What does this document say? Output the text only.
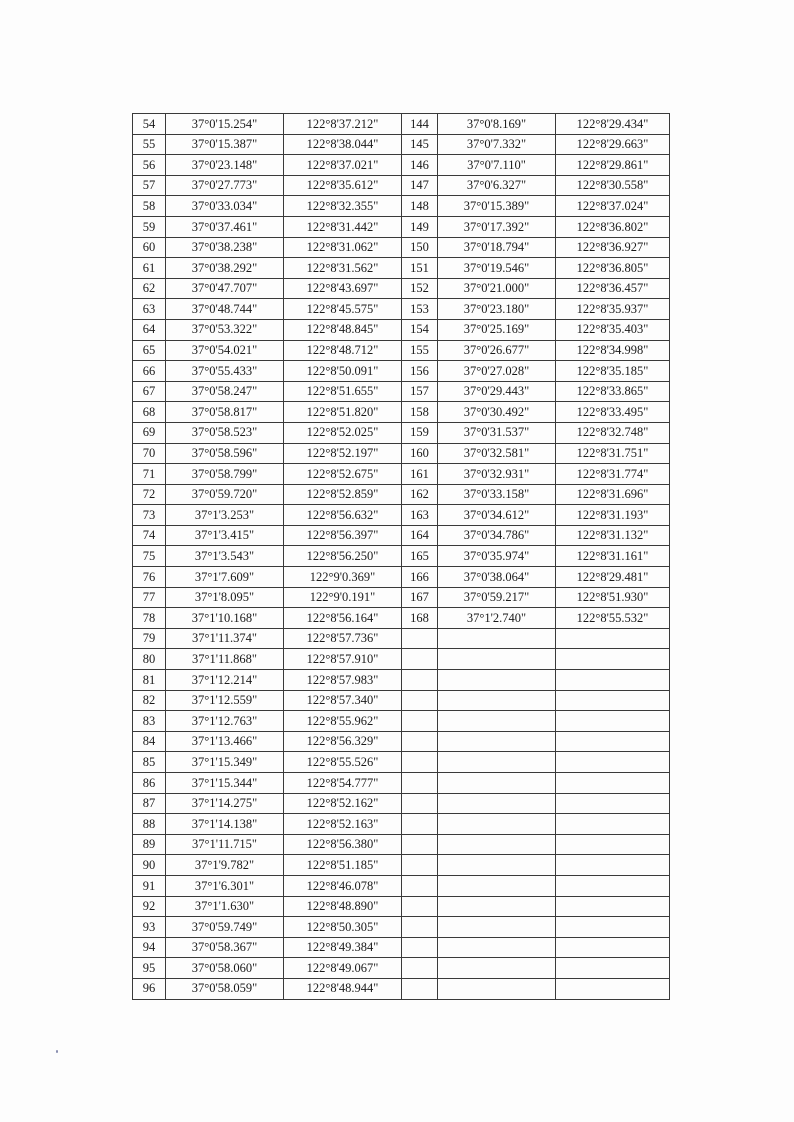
54	37°0'15.254"	122°8'37.212"	144	37°0'8.169"	122°8'29.434"
55	37°0'15.387"	122°8'38.044"	145	37°0'7.332"	122°8'29.663"
56	37°0'23.148"	122°8'37.021"	146	37°0'7.110"	122°8'29.861"
57	37°0'27.773"	122°8'35.612"	147	37°0'6.327"	122°8'30.558"
58	37°0'33.034"	122°8'32.355"	148	37°0'15.389"	122°8'37.024"
59	37°0'37.461"	122°8'31.442"	149	37°0'17.392"	122°8'36.802"
60	37°0'38.238"	122°8'31.062"	150	37°0'18.794"	122°8'36.927"
61	37°0'38.292"	122°8'31.562"	151	37°0'19.546"	122°8'36.805"
62	37°0'47.707"	122°8'43.697"	152	37°0'21.000"	122°8'36.457"
63	37°0'48.744"	122°8'45.575"	153	37°0'23.180"	122°8'35.937"
64	37°0'53.322"	122°8'48.845"	154	37°0'25.169"	122°8'35.403"
65	37°0'54.021"	122°8'48.712"	155	37°0'26.677"	122°8'34.998"
66	37°0'55.433"	122°8'50.091"	156	37°0'27.028"	122°8'35.185"
67	37°0'58.247"	122°8'51.655"	157	37°0'29.443"	122°8'33.865"
68	37°0'58.817"	122°8'51.820"	158	37°0'30.492"	122°8'33.495"
69	37°0'58.523"	122°8'52.025"	159	37°0'31.537"	122°8'32.748"
70	37°0'58.596"	122°8'52.197"	160	37°0'32.581"	122°8'31.751"
71	37°0'58.799"	122°8'52.675"	161	37°0'32.931"	122°8'31.774"
72	37°0'59.720"	122°8'52.859"	162	37°0'33.158"	122°8'31.696"
73	37°1'3.253"	122°8'56.632"	163	37°0'34.612"	122°8'31.193"
74	37°1'3.415"	122°8'56.397"	164	37°0'34.786"	122°8'31.132"
75	37°1'3.543"	122°8'56.250"	165	37°0'35.974"	122°8'31.161"
76	37°1'7.609"	122°9'0.369"	166	37°0'38.064"	122°8'29.481"
77	37°1'8.095"	122°9'0.191"	167	37°0'59.217"	122°8'51.930"
78	37°1'10.168"	122°8'56.164"	168	37°1'2.740"	122°8'55.532"
79	37°1'11.374"	122°8'57.736"			
80	37°1'11.868"	122°8'57.910"			
81	37°1'12.214"	122°8'57.983"			
82	37°1'12.559"	122°8'57.340"			
83	37°1'12.763"	122°8'55.962"			
84	37°1'13.466"	122°8'56.329"			
85	37°1'15.349"	122°8'55.526"			
86	37°1'15.344"	122°8'54.777"			
87	37°1'14.275"	122°8'52.162"			
88	37°1'14.138"	122°8'52.163"			
89	37°1'11.715"	122°8'56.380"			
90	37°1'9.782"	122°8'51.185"			
91	37°1'6.301"	122°8'46.078"			
92	37°1'1.630"	122°8'48.890"			
93	37°0'59.749"	122°8'50.305"			
94	37°0'58.367"	122°8'49.384"			
95	37°0'58.060"	122°8'49.067"			
96	37°0'58.059"	122°8'48.944"			
